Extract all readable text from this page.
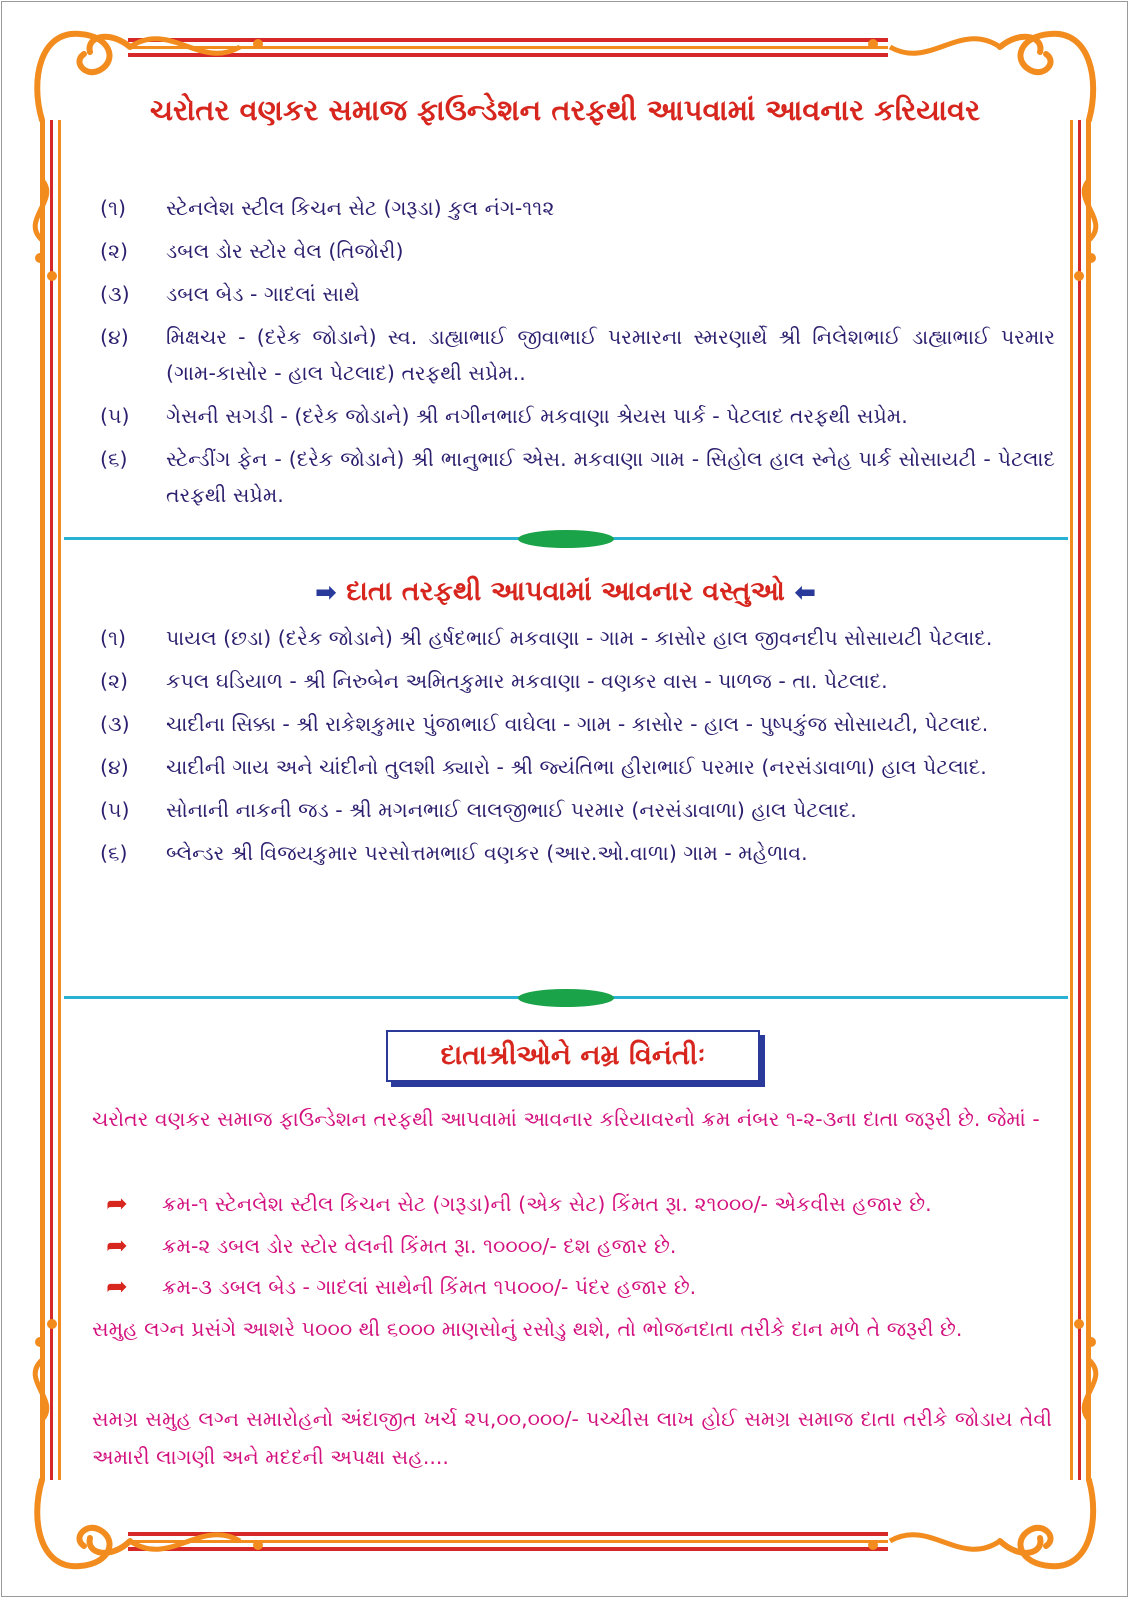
ચરોતર વણકર સમાજ ફાઉન્ડેશન તરફથી આપવામાં આવનાર કરિયાવર
(૧)	સ્ટેનલેશ સ્ટીલ કિચન સેટ (ગરૂડા) કુલ નંગ-૧૧૨
(૨)	ડબલ ડોર સ્ટોર વેલ (તિજોરી)
(૩)	ડબલ બેડ - ગાદલાં સાથે
(૪)	મિક્ષચર - (દરેક જોડાને) સ્વ. ડાહ્યાભાઈ જીવાભાઈ પરમારના સ્મરણાર્થે શ્રી નિલેશભાઈ ડાહ્યાભાઈ પરમાર (ગામ-કાસોર - હાલ પેટલાદ) તરફથી સપ્રેમ..
(૫)	ગેસની સગડી - (દરેક જોડાને) શ્રી નગીનભાઈ મકવાણા શ્રેયસ પાર્ક - પેટલાદ તરફથી સપ્રેમ.
(૬)	સ્ટેન્ડીંગ ફેન - (દરેક જોડાને) શ્રી ભાનુભાઈ એસ. મકવાણા ગામ - સિહોલ હાલ સ્નેહ પાર્ક સોસાયટી - પેટલાદ તરફથી સપ્રેમ.
➡ દાતા તરફથી આપવામાં આવનાર વસ્તુઓ ⬅
(૧)	પાયલ (છડા) (દરેક જોડાને) શ્રી હર્ષદભાઈ મકવાણા - ગામ - કાસોર હાલ જીવનદીપ સોસાયટી પેટલાદ.
(૨)	કપલ ઘડિયાળ - શ્રી નિરુબેન અમિતકુમાર મકવાણા - વણકર વાસ - પાળજ - તા. પેટલાદ.
(૩)	ચાદીના સિક્કા - શ્રી રાકેશકુમાર પુંજાભાઈ વાઘેલા - ગામ - કાસોર - હાલ - પુષ્પકુંજ સોસાયટી, પેટલાદ.
(૪)	ચાદીની ગાય અને ચાંદીનો તુલશી ક્યારો - શ્રી જ્યંતિભા હીરાભાઈ પરમાર (નરસંડાવાળા) હાલ પેટલાદ.
(૫)	સોનાની નાકની જડ - શ્રી મગનભાઈ લાલજીભાઈ પરમાર (નરસંડાવાળા) હાલ પેટલાદ.
(૬)	બ્લેન્ડર શ્રી વિજયકુમાર પરસોત્તમભાઈ વણકર (આર.ઓ.વાળા) ગામ - મહેળાવ.
દાતાશ્રીઓને નમ્ર વિનંતીઃ
ચરોતર વણકર સમાજ ફાઉન્ડેશન તરફથી આપવામાં આવનાર કરિયાવરનો ક્રમ નંબર ૧-૨-૩ના દાતા જરૂરી છે. જેમાં -
➦	ક્રમ-૧ સ્ટેનલેશ સ્ટીલ કિચન સેટ (ગરૂડા)ની (એક સેટ) કિંમત રૂા. ૨૧૦૦૦/- એકવીસ હજાર છે.
➦	ક્રમ-૨ ડબલ ડોર સ્ટોર વેલની કિંમત રૂા. ૧૦૦૦૦/- દશ હજાર છે.
➦	ક્રમ-૩ ડબલ બેડ - ગાદલાં સાથેની કિંમત ૧૫૦૦૦/- પંદર હજાર છે.
સમુહ લગ્ન પ્રસંગે આશરે ૫૦૦૦ થી ૬૦૦૦ માણસોનું રસોડુ થશે, તો ભોજનદાતા તરીકે દાન મળે તે જરૂરી છે.
સમગ્ર સમુહ લગ્ન સમારોહનો અંદાજીત ખર્ચ ૨૫,૦૦,૦૦૦/- પચ્ચીસ લાખ હોઈ સમગ્ર સમાજ દાતા તરીકે જોડાય તેવી અમારી લાગણી અને મદદની અપક્ષા સહ....
